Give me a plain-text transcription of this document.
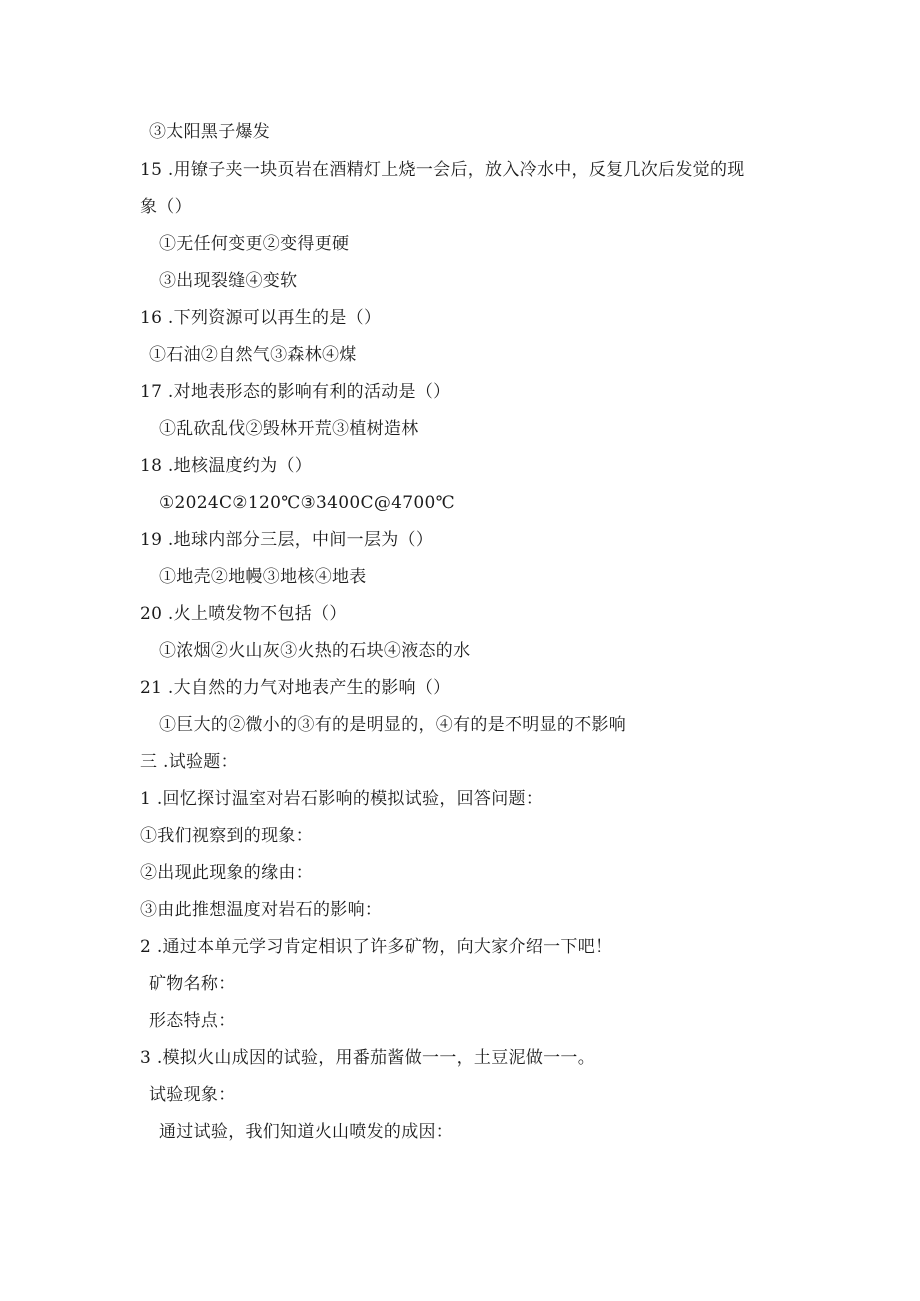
③太阳黑子爆发
15 .用镣子夹一块页岩在酒精灯上烧一会后，放入冷水中，反复几次后发觉的现
象（）
①无任何变更②变得更硬
③出现裂缝④变软
16 .下列资源可以再生的是（）
①石油②自然气③森林④煤
17 .对地表形态的影响有利的活动是（）
①乱砍乱伐②毁林开荒③植树造林
18 .地核温度约为（）
①2024C②120℃③3400C@4700℃
19 .地球内部分三层，中间一层为（）
①地壳②地幔③地核④地表
20 .火上喷发物不包括（）
①浓烟②火山灰③火热的石块④液态的水
21 .大自然的力气对地表产生的影响（）
①巨大的②微小的③有的是明显的，④有的是不明显的不影响
三 .试验题：
1 .回忆探讨温室对岩石影响的模拟试验，回答问题：
①我们视察到的现象：
②出现此现象的缘由：
③由此推想温度对岩石的影响：
2 .通过本单元学习肯定相识了许多矿物，向大家介绍一下吧！
矿物名称：
形态特点：
3 .模拟火山成因的试验，用番茄酱做一一，土豆泥做一一。
试验现象：
通过试验，我们知道火山喷发的成因：
